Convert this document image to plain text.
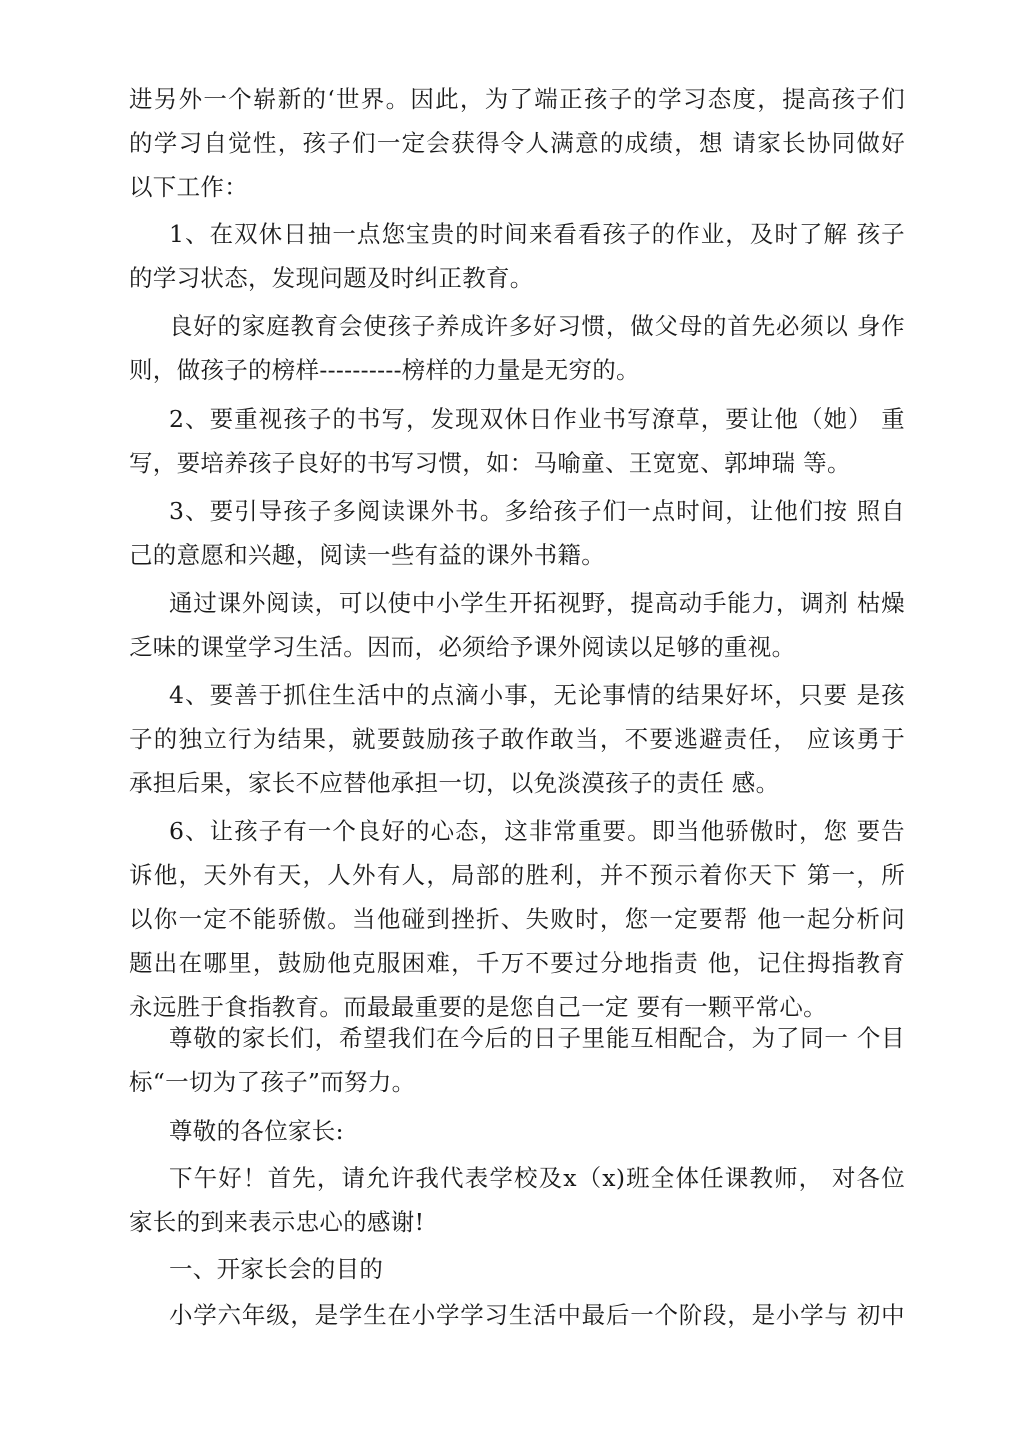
进另外一个崭新的‘世界。因此，为了端正孩子的学习态度，提高孩子们
的学习自觉性，孩子们一定会获得令人满意的成绩，想 请家长协同做好
以下工作：
1、在双休日抽一点您宝贵的时间来看看孩子的作业，及时了解 孩子
的学习状态，发现问题及时纠正教育。
良好的家庭教育会使孩子养成许多好习惯，做父母的首先必须以 身作
则，做孩子的榜样----------榜样的力量是无穷的。
2、要重视孩子的书写，发现双休日作业书写潦草，要让他（她） 重
写，要培养孩子良好的书写习惯，如：马喻童、王宽宽、郭坤瑞 等。
3、要引导孩子多阅读课外书。多给孩子们一点时间，让他们按 照自
己的意愿和兴趣，阅读一些有益的课外书籍。
通过课外阅读，可以使中小学生开拓视野，提高动手能力，调剂 枯燥
乏味的课堂学习生活。因而，必须给予课外阅读以足够的重视。
4、要善于抓住生活中的点滴小事，无论事情的结果好坏，只要 是孩
子的独立行为结果，就要鼓励孩子敢作敢当，不要逃避责任， 应该勇于
承担后果，家长不应替他承担一切，以免淡漠孩子的责任 感。
6、让孩子有一个良好的心态，这非常重要。即当他骄傲时，您 要告
诉他，天外有天，人外有人，局部的胜利，并不预示着你天下 第一，所
以你一定不能骄傲。当他碰到挫折、失败时，您一定要帮 他一起分析问
题出在哪里，鼓励他克服困难，千万不要过分地指责 他，记住拇指教育
永远胜于食指教育。而最最重要的是您自己一定 要有一颗平常心。
尊敬的家长们，希望我们在今后的日子里能互相配合，为了同一 个目
标“一切为了孩子”而努力。
尊敬的各位家长:
下午好！首先，请允许我代表学校及x（x)班全体任课教师， 对各位
家长的到来表示忠心的感谢!
一、开家长会的目的
小学六年级，是学生在小学学习生活中最后一个阶段，是小学与 初中
